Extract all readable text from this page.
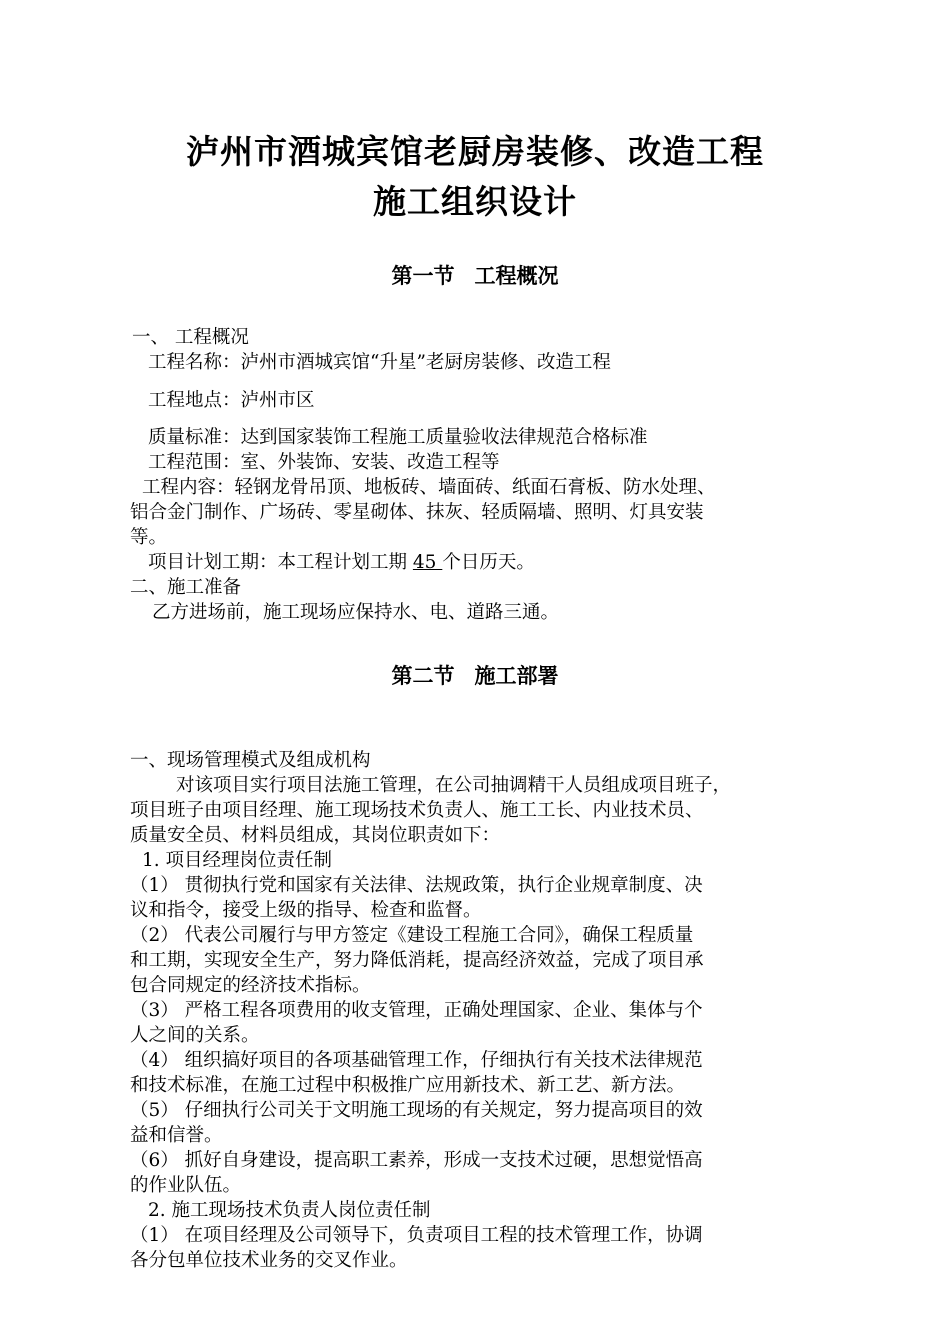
泸州市酒城宾馆老厨房装修、改造工程
施工组织设计
第一节 工程概况
一、 工程概况
工程名称：泸州市酒城宾馆“升星”老厨房装修、改造工程
工程地点：泸州市区
质量标准：达到国家装饰工程施工质量验收法律规范合格标准
工程范围：室、外装饰、安装、改造工程等
工程内容：轻钢龙骨吊顶、地板砖、墙面砖、纸面石膏板、防水处理、
铝合金门制作、广场砖、零星砌体、抹灰、轻质隔墙、照明、灯具安装
等。
项目计划工期：本工程计划工期 45 个日历天。
二、施工准备
乙方进场前，施工现场应保持水、电、道路三通。
第二节 施工部署
一、现场管理模式及组成机构
对该项目实行项目法施工管理，在公司抽调精干人员组成项目班子，
项目班子由项目经理、施工现场技术负责人、施工工长、内业技术员、
质量安全员、材料员组成，其岗位职责如下：
1. 项目经理岗位责任制
（1） 贯彻执行党和国家有关法律、法规政策，执行企业规章制度、决
议和指令，接受上级的指导、检查和监督。
（2） 代表公司履行与甲方签定《建设工程施工合同》，确保工程质量
和工期，实现安全生产，努力降低消耗，提高经济效益，完成了项目承
包合同规定的经济技术指标。
（3） 严格工程各项费用的收支管理，正确处理国家、企业、集体与个
人之间的关系。
（4） 组织搞好项目的各项基础管理工作，仔细执行有关技术法律规范
和技术标准，在施工过程中积极推广应用新技术、新工艺、新方法。
（5） 仔细执行公司关于文明施工现场的有关规定，努力提高项目的效
益和信誉。
（6） 抓好自身建设，提高职工素养，形成一支技术过硬，思想觉悟高
的作业队伍。
2. 施工现场技术负责人岗位责任制
（1） 在项目经理及公司领导下，负责项目工程的技术管理工作，协调
各分包单位技术业务的交叉作业。
